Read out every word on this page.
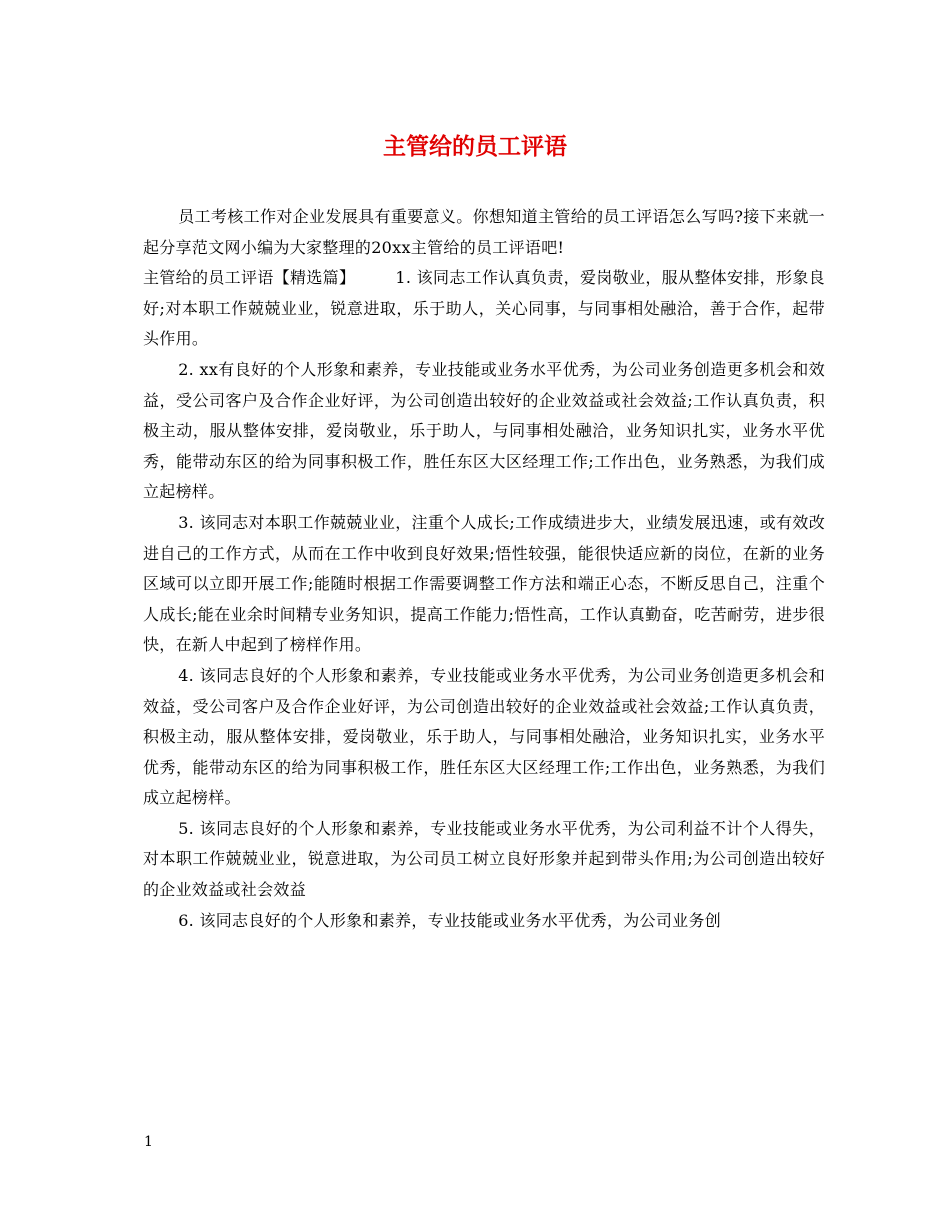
主管给的员工评语

员工考核工作对企业发展具有重要意义。你想知道主管给的员工评语怎么写吗?接下来就一起分享范文网小编为大家整理的20xx主管给的员工评语吧!

主管给的员工评语【精选篇】	1. 该同志工作认真负责，爱岗敬业，服从整体安排，形象良好;对本职工作兢兢业业，锐意进取，乐于助人，关心同事，与同事相处融洽，善于合作，起带头作用。

2. xx有良好的个人形象和素养，专业技能或业务水平优秀，为公司业务创造更多机会和效益，受公司客户及合作企业好评，为公司创造出较好的企业效益或社会效益;工作认真负责，积极主动，服从整体安排，爱岗敬业，乐于助人，与同事相处融洽，业务知识扎实，业务水平优秀，能带动东区的给为同事积极工作，胜任东区大区经理工作;工作出色，业务熟悉，为我们成立起榜样。

3. 该同志对本职工作兢兢业业，注重个人成长;工作成绩进步大，业绩发展迅速，或有效改进自己的工作方式，从而在工作中收到良好效果;悟性较强，能很快适应新的岗位，在新的业务区域可以立即开展工作;能随时根据工作需要调整工作方法和端正心态，不断反思自己，注重个人成长;能在业余时间精专业务知识，提高工作能力;悟性高，工作认真勤奋，吃苦耐劳，进步很快，在新人中起到了榜样作用。

4. 该同志良好的个人形象和素养，专业技能或业务水平优秀，为公司业务创造更多机会和效益，受公司客户及合作企业好评，为公司创造出较好的企业效益或社会效益;工作认真负责，积极主动，服从整体安排，爱岗敬业，乐于助人，与同事相处融洽，业务知识扎实，业务水平优秀，能带动东区的给为同事积极工作，胜任东区大区经理工作;工作出色，业务熟悉，为我们成立起榜样。

5. 该同志良好的个人形象和素养，专业技能或业务水平优秀，为公司利益不计个人得失，对本职工作兢兢业业，锐意进取，为公司员工树立良好形象并起到带头作用;为公司创造出较好的企业效益或社会效益

6. 该同志良好的个人形象和素养，专业技能或业务水平优秀，为公司业务创

1
